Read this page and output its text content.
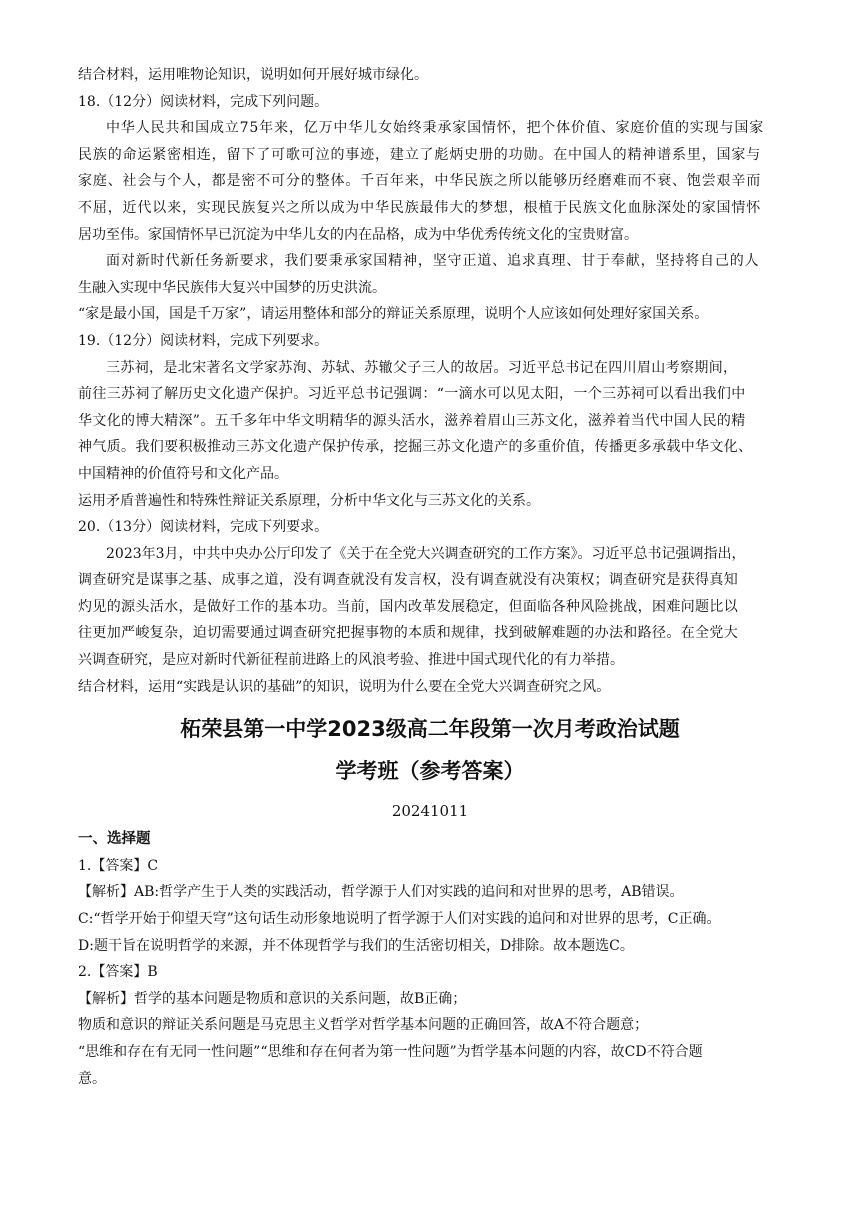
结合材料，运用唯物论知识，说明如何开展好城市绿化。

18.（12分）阅读材料，完成下列问题。

中华人民共和国成立75年来，亿万中华儿女始终秉承家国情怀，把个体价值、家庭价值的实现与国家

民族的命运紧密相连，留下了可歌可泣的事迹，建立了彪炳史册的功勋。在中国人的精神谱系里，国家与

家庭、社会与个人，都是密不可分的整体。千百年来，中华民族之所以能够历经磨难而不衰、饱尝艰辛而

不屈，近代以来，实现民族复兴之所以成为中华民族最伟大的梦想，根植于民族文化血脉深处的家国情怀

居功至伟。家国情怀早已沉淀为中华儿女的内在品格，成为中华优秀传统文化的宝贵财富。

面对新时代新任务新要求，我们要秉承家国精神，坚守正道、追求真理、甘于奉献，坚持将自己的人

生融入实现中华民族伟大复兴中国梦的历史洪流。

“家是最小国，国是千万家”，请运用整体和部分的辩证关系原理，说明个人应该如何处理好家国关系。

19.（12分）阅读材料，完成下列要求。

三苏祠，是北宋著名文学家苏洵、苏轼、苏辙父子三人的故居。习近平总书记在四川眉山考察期间，

前往三苏祠了解历史文化遗产保护。习近平总书记强调：“一滴水可以见太阳，一个三苏祠可以看出我们中

华文化的博大精深”。五千多年中华文明精华的源头活水，滋养着眉山三苏文化，滋养着当代中国人民的精

神气质。我们要积极推动三苏文化遗产保护传承，挖掘三苏文化遗产的多重价值，传播更多承载中华文化、

中国精神的价值符号和文化产品。

运用矛盾普遍性和特殊性辩证关系原理，分析中华文化与三苏文化的关系。

20.（13分）阅读材料，完成下列要求。

2023年3月，中共中央办公厅印发了《关于在全党大兴调查研究的工作方案》。习近平总书记强调指出，

调查研究是谋事之基、成事之道，没有调查就没有发言权，没有调查就没有决策权；调查研究是获得真知

灼见的源头活水，是做好工作的基本功。当前，国内改革发展稳定，但面临各种风险挑战，困难问题比以

往更加严峻复杂，迫切需要通过调查研究把握事物的本质和规律，找到破解难题的办法和路径。在全党大

兴调查研究，是应对新时代新征程前进路上的风浪考验、推进中国式现代化的有力举措。

结合材料，运用“实践是认识的基础”的知识，说明为什么要在全党大兴调查研究之风。

柘荣县第一中学2023级高二年段第一次月考政治试题
学考班（参考答案）

20241011

一、选择题

1.【答案】C

【解析】AB:哲学产生于人类的实践活动，哲学源于人们对实践的追问和对世界的思考，AB错误。

C:“哲学开始于仰望天穹”这句话生动形象地说明了哲学源于人们对实践的追问和对世界的思考，C正确。

D:题干旨在说明哲学的来源，并不体现哲学与我们的生活密切相关，D排除。故本题选C。

2.【答案】B

【解析】哲学的基本问题是物质和意识的关系问题，故B正确；

物质和意识的辩证关系问题是马克思主义哲学对哲学基本问题的正确回答，故A不符合题意；

“思维和存在有无同一性问题”“思维和存在何者为第一性问题”为哲学基本问题的内容，故CD不符合题

意。
